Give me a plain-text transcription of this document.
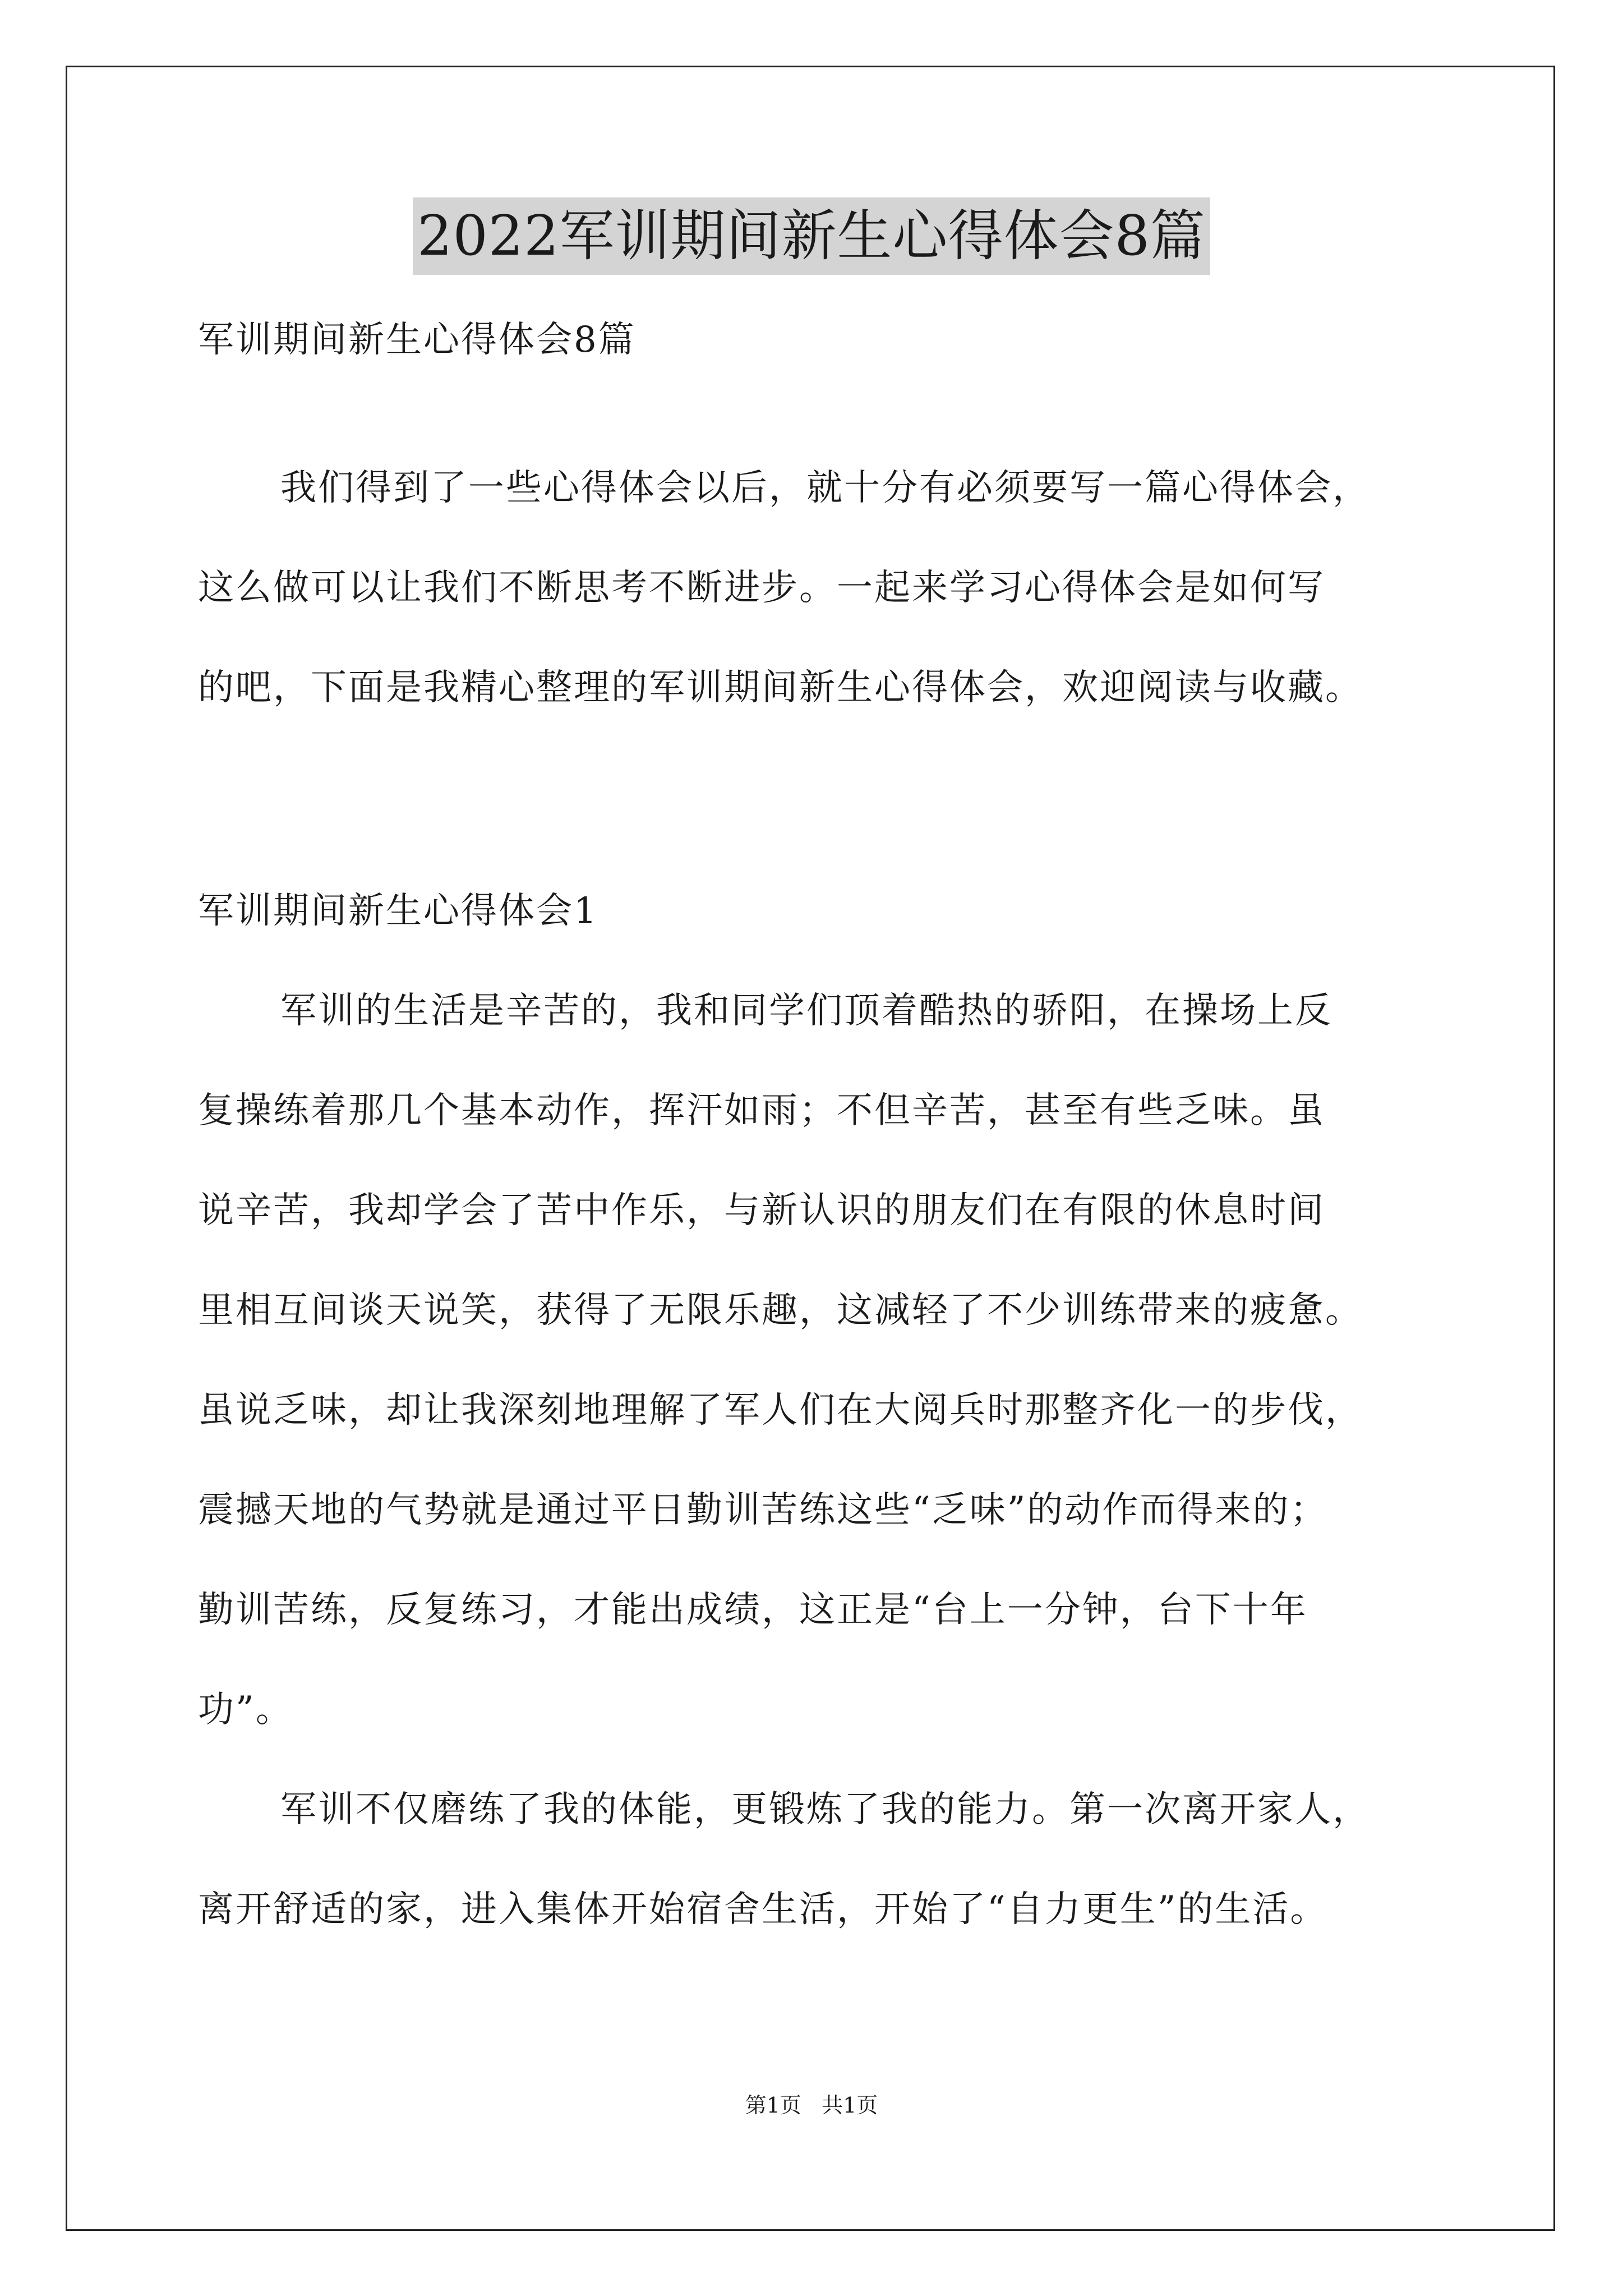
2022军训期间新生心得体会8篇
军训期间新生心得体会8篇
我们得到了一些心得体会以后，就十分有必须要写一篇心得体会，
这么做可以让我们不断思考不断进步。一起来学习心得体会是如何写
的吧，下面是我精心整理的军训期间新生心得体会，欢迎阅读与收藏。
军训期间新生心得体会1
军训的生活是辛苦的，我和同学们顶着酷热的骄阳，在操场上反
复操练着那几个基本动作，挥汗如雨；不但辛苦，甚至有些乏味。虽
说辛苦，我却学会了苦中作乐，与新认识的朋友们在有限的休息时间
里相互间谈天说笑，获得了无限乐趣，这减轻了不少训练带来的疲惫。
虽说乏味，却让我深刻地理解了军人们在大阅兵时那整齐化一的步伐，
震撼天地的气势就是通过平日勤训苦练这些“乏味”的动作而得来的；
勤训苦练，反复练习，才能出成绩，这正是“台上一分钟，台下十年
功”。
军训不仅磨练了我的体能，更锻炼了我的能力。第一次离开家人，
离开舒适的家，进入集体开始宿舍生活，开始了“自力更生”的生活。
第1页   共1页
